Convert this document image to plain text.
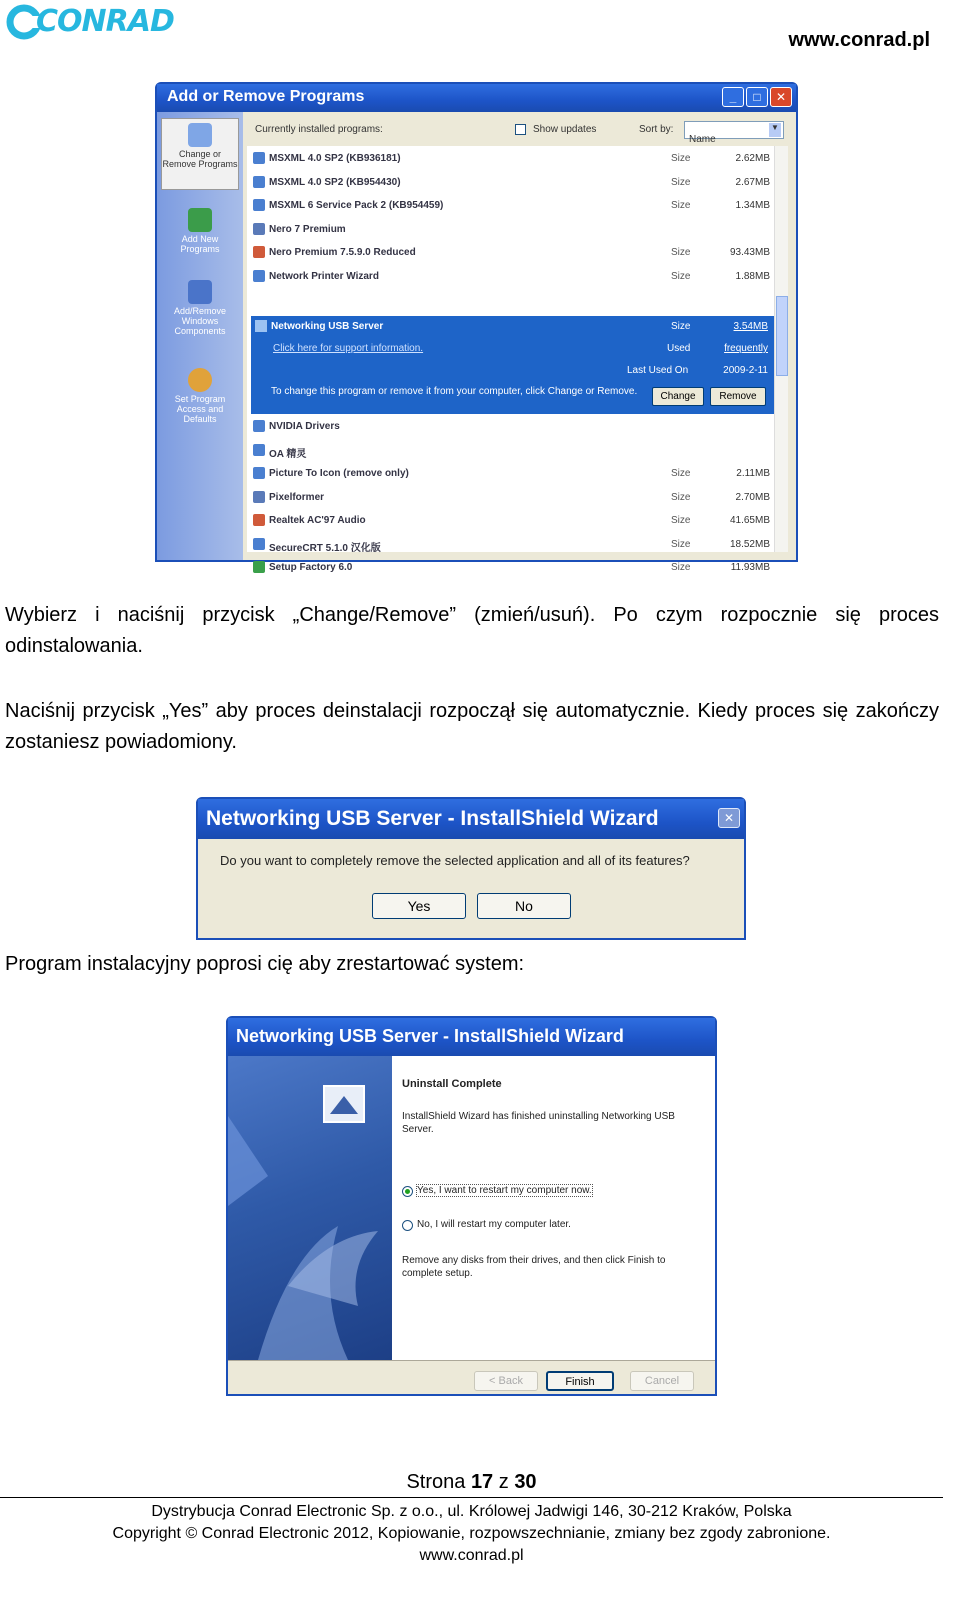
CONRAD
www.conrad.pl
Add or Remove Programs	_	□	✕
Change or Remove Programs
Add New Programs
Add/Remove Windows Components
Set Program Access and Defaults
Currently installed programs:	Show updates	Sort by:
Name
▼
MSXML 4.0 SP2 (KB936181)	Size	2.62MB
MSXML 4.0 SP2 (KB954430)	Size	2.67MB
MSXML 6 Service Pack 2 (KB954459)	Size	1.34MB
Nero 7 Premium
Nero Premium 7.5.9.0 Reduced	Size	93.43MB
Network Printer Wizard	Size	1.88MB
Networking USB Server	Size	3.54MB
Click here for support information.	Used	frequently
Last Used On	2009-2-11
To change this program or remove it from your computer, click Change or Remove.	Change	Remove
NVIDIA Drivers
OA 精灵
Picture To Icon (remove only)	Size	2.11MB
Pixelformer	Size	2.70MB
Realtek AC'97 Audio	Size	41.65MB
SecureCRT 5.1.0 汉化版	Size	18.52MB
Setup Factory 6.0	Size	11.93MB
Wybierz i naciśnij przycisk „Change/Remove” (zmień/usuń). Po czym rozpocznie się proces
odinstalowania.
Naciśnij przycisk „Yes” aby proces deinstalacji rozpoczął się automatycznie. Kiedy proces się zakończy
zostaniesz powiadomiony.
Networking USB Server - InstallShield Wizard	✕
Do you want to completely remove the selected application and all of its features?
Yes	No
Program instalacyjny poprosi cię aby zrestartować system:
Networking USB Server - InstallShield Wizard
Uninstall Complete
InstallShield Wizard has finished uninstalling Networking USB Server.
Yes, I want to restart my computer now.
No, I will restart my computer later.
Remove any disks from their drives, and then click Finish to complete setup.
< Back	Finish	Cancel
Strona 17 z 30
Dystrybucja Conrad Electronic Sp. z o.o., ul. Królowej Jadwigi 146, 30-212 Kraków, Polska
Copyright © Conrad Electronic 2012, Kopiowanie, rozpowszechnianie, zmiany bez zgody zabronione.
www.conrad.pl
